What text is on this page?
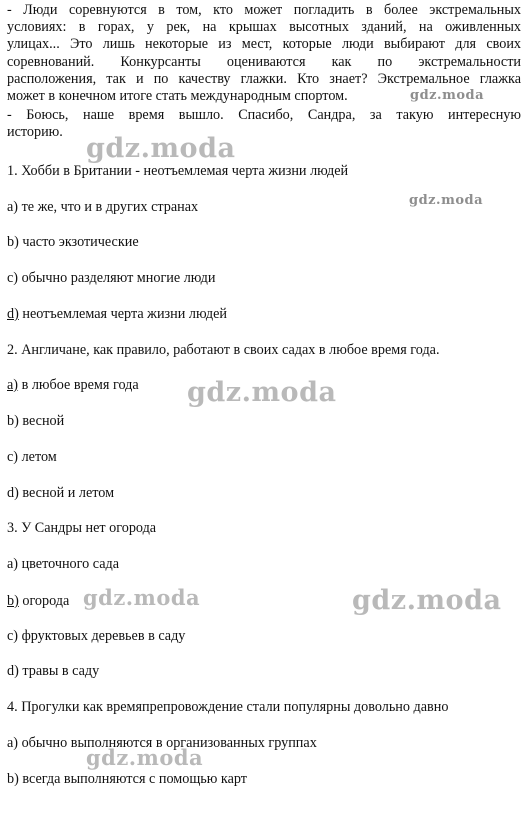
- Люди соревнуются в том, кто может погладить в более экстремальных
условиях: в горах, у рек, на крышах высотных зданий, на оживленных
улицах... Это лишь некоторые из мест, которые люди выбирают для своих
соревнований. Конкурсанты оцениваются как по экстремальности
расположения, так и по качеству глажки. Кто знает? Экстремальное глажка
может в конечном итоге стать международным спортом.
- Боюсь, наше время вышло. Спасибо, Сандра, за такую интересную
историю.

1. Хобби в Британии - неотъемлемая черта жизни людей

a) те же, что и в других странах

b) часто экзотические

c) обычно разделяют многие люди

d) неотъемлемая черта жизни людей

2. Англичане, как правило, работают в своих садах в любое время года.

a) в любое время года

b) весной

c) летом

d) весной и летом

3. У Сандры нет огорода

a) цветочного сада

b) огорода

c) фруктовых деревьев в саду

d) травы в саду

4. Прогулки как времяпрепровождение стали популярны довольно давно

a) обычно выполняются в организованных группах

b) всегда выполняются с помощью карт

gdz.moda
gdz.moda
gdz.moda
gdz.moda
gdz.moda	gdz.moda
gdz.moda
